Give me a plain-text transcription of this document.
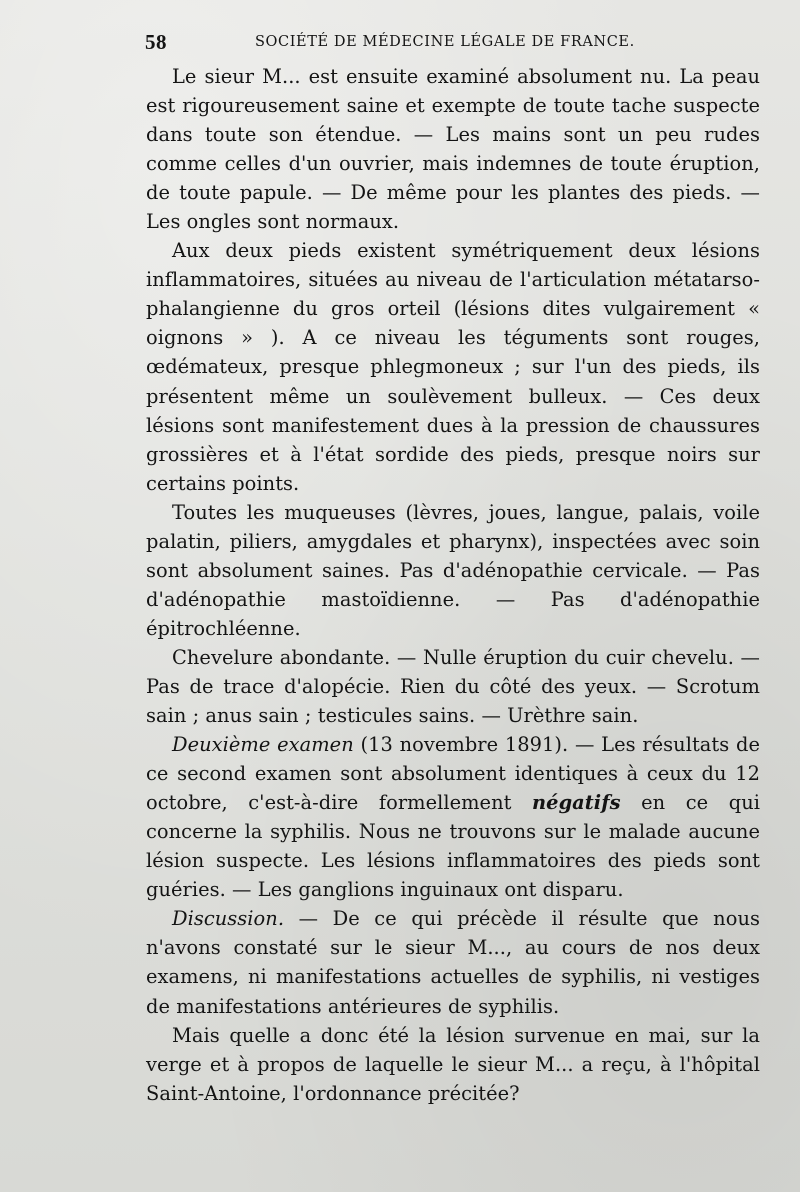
58	SOCIÉTÉ DE MÉDECINE LÉGALE DE FRANCE.

Le sieur M... est ensuite examiné absolument nu. La peau est rigoureusement saine et exempte de toute tache suspecte dans toute son étendue. — Les mains sont un peu rudes comme celles d'un ouvrier, mais indemnes de toute éruption, de toute papule. — De même pour les plantes des pieds. — Les ongles sont normaux.

Aux deux pieds existent symétriquement deux lésions inflammatoires, situées au niveau de l'articulation métatarso-phalangienne du gros orteil (lésions dites vulgairement « oignons » ). A ce niveau les téguments sont rouges, œdémateux, presque phlegmoneux ; sur l'un des pieds, ils présentent même un soulèvement bulleux. — Ces deux lésions sont manifestement dues à la pression de chaussures grossières et à l'état sordide des pieds, presque noirs sur certains points.

Toutes les muqueuses (lèvres, joues, langue, palais, voile palatin, piliers, amygdales et pharynx), inspectées avec soin sont absolument saines. Pas d'adénopathie cervicale. — Pas d'adénopathie mastoïdienne. — Pas d'adénopathie épitrochléenne.

Chevelure abondante. — Nulle éruption du cuir chevelu. — Pas de trace d'alopécie. Rien du côté des yeux. — Scrotum sain ; anus sain ; testicules sains. — Urèthre sain.

Deuxième examen (13 novembre 1891). — Les résultats de ce second examen sont absolument identiques à ceux du 12 octobre, c'est-à-dire formellement négatifs en ce qui concerne la syphilis. Nous ne trouvons sur le malade aucune lésion suspecte. Les lésions inflammatoires des pieds sont guéries. — Les ganglions inguinaux ont disparu.

Discussion. — De ce qui précède il résulte que nous n'avons constaté sur le sieur M..., au cours de nos deux examens, ni manifestations actuelles de syphilis, ni vestiges de manifestations antérieures de syphilis.

Mais quelle a donc été la lésion survenue en mai, sur la verge et à propos de laquelle le sieur M... a reçu, à l'hôpital Saint-Antoine, l'ordonnance précitée?
